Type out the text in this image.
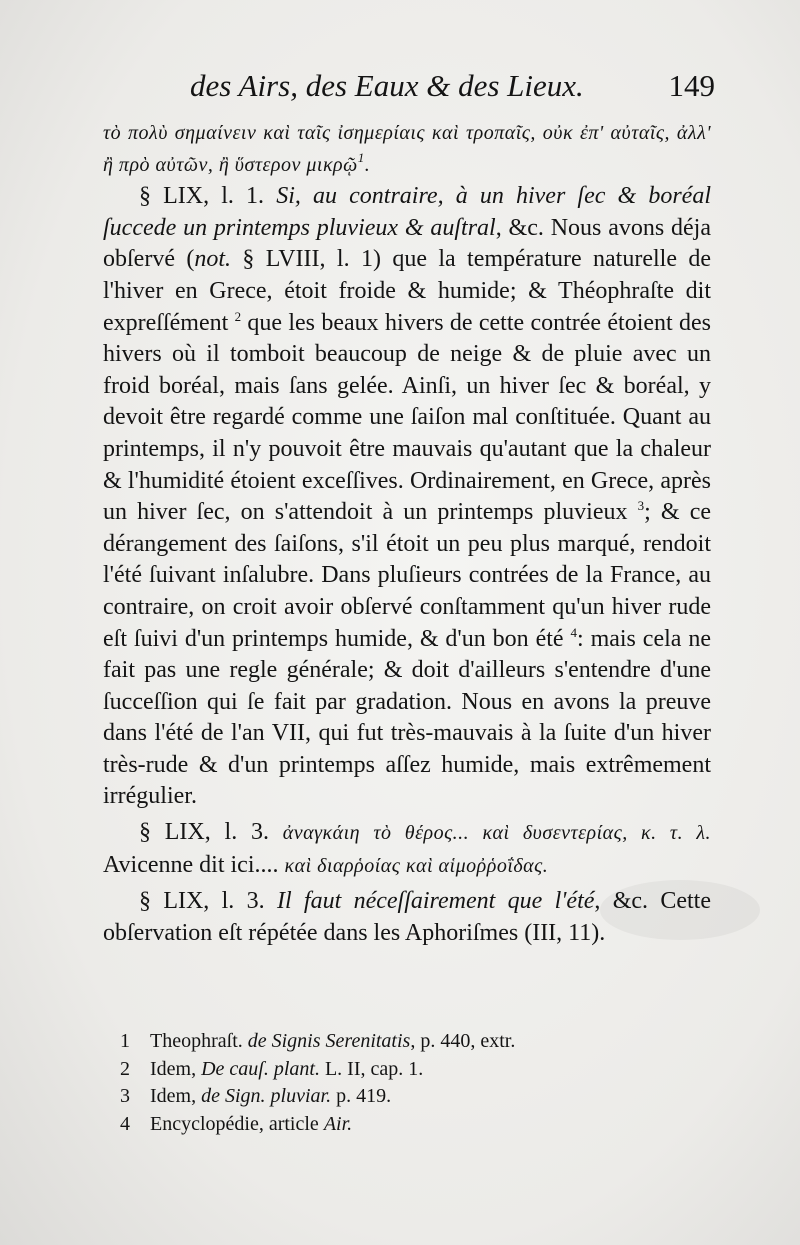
des Airs, des Eaux & des Lieux.	149

τὸ πολὺ σημαίνειν καὶ ταῖς ἰσημερίαις καὶ τροπαῖς, οὐκ ἐπ' αὐταῖς, ἀλλ' ἢ πρὸ αὐτῶν, ἢ ὕστερον μικρῷ$^1$.

§ LIX, l. 1. Si, au contraire, à un hiver ſec & boréal ſuccede un printemps pluvieux & auſtral, &c. Nous avons déja obſervé (not. § LVIII, l. 1) que la température naturelle de l'hiver en Grece, étoit froide & humide; & Théophraſte dit expreſſément $^2$ que les beaux hivers de cette contrée étoient des hivers où il tomboit beaucoup de neige & de pluie avec un froid boréal, mais ſans gelée. Ainſi, un hiver ſec & boréal, y devoit être regardé comme une ſaiſon mal conſtituée. Quant au printemps, il n'y pouvoit être mauvais qu'autant que la chaleur & l'humidité étoient exceſſives. Ordinairement, en Grece, après un hiver ſec, on s'attendoit à un printemps pluvieux $^3$; & ce dérangement des ſaiſons, s'il étoit un peu plus marqué, rendoit l'été ſuivant inſalubre. Dans pluſieurs contrées de la France, au contraire, on croit avoir obſervé conſtamment qu'un hiver rude eſt ſuivi d'un printemps humide, & d'un bon été $^4$: mais cela ne fait pas une regle générale; & doit d'ailleurs s'entendre d'une ſucceſſion qui ſe fait par gradation. Nous en avons la preuve dans l'été de l'an VII, qui fut très-mauvais à la ſuite d'un hiver très-rude & d'un printemps aſſez humide, mais extrêmement irrégulier.

§ LIX, l. 3. ἀναγκάιη τὸ θέρος... καὶ δυσεντερίας, κ. τ. λ. Avicenne dit ici.... καὶ διαρῥοίας καὶ αἱμοῤῥοΐδας.

§ LIX, l. 3. Il faut néceſſairement que l'été, &c. Cette obſervation eſt répétée dans les Aphoriſmes (III, 11).

1 Theophraſt. de Signis Serenitatis, p. 440, extr.
2 Idem, De cauſ. plant. L. II, cap. 1.
3 Idem, de Sign. pluviar. p. 419.
4 Encyclopédie, article Air.
